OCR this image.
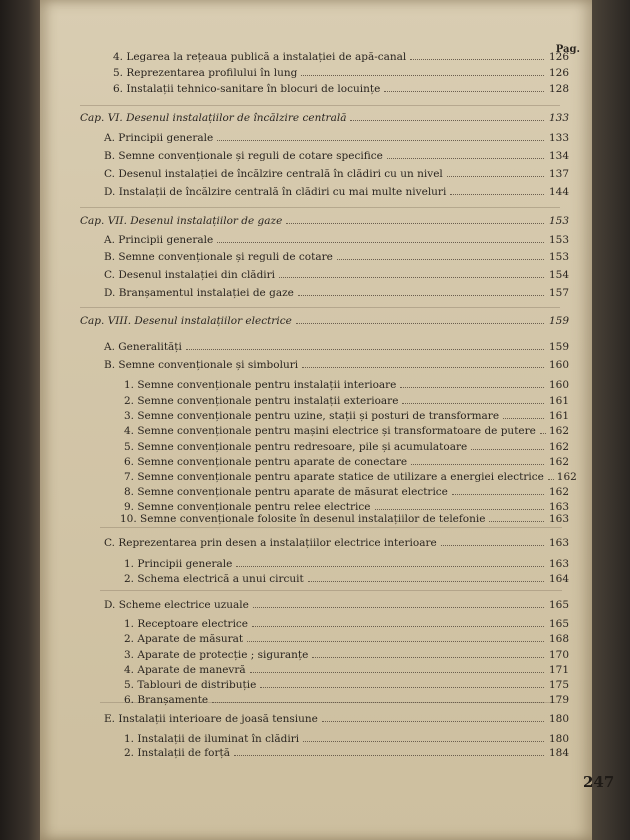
Pag.
4. Legarea la rețeaua publică a instalației de apă-canal	126
5. Reprezentarea profilului în lung	126
6. Instalații tehnico-sanitare în blocuri de locuințe	128
Cap. VI. Desenul instalațiilor de încălzire centrală	133
A. Principii generale	133
B. Semne convenționale și reguli de cotare specifice	134
C. Desenul instalației de încălzire centrală în clădiri cu un nivel	137
D. Instalații de încălzire centrală în clădiri cu mai multe niveluri	144
Cap. VII. Desenul instalațiilor de gaze	153
A. Principii generale	153
B. Semne convenționale și reguli de cotare	153
C. Desenul instalației din clădiri	154
D. Branșamentul instalației de gaze	157
Cap. VIII. Desenul instalațiilor electrice	159
A. Generalități	159
B. Semne convenționale și simboluri	160
1. Semne convenționale pentru instalații interioare	160
2. Semne convenționale pentru instalații exterioare	161
3. Semne convenționale pentru uzine, stații și posturi de transformare	161
4. Semne convenționale pentru mașini electrice și transformatoare de putere 162
5. Semne convenționale pentru redresoare, pile și acumulatoare	162
6. Semne convenționale pentru aparate de conectare	162
7. Semne convenționale pentru aparate statice de utilizare a energiei electrice 162
8. Semne convenționale pentru aparate de măsurat electrice	162
9. Semne convenționale pentru relee electrice	163
10. Semne convenționale folosite în desenul instalațiilor de telefonie	163
C. Reprezentarea prin desen a instalațiilor electrice interioare	163
1. Principii generale	163
2. Schema electrică a unui circuit	164
D. Scheme electrice uzuale	165
1. Receptoare electrice	165
2. Aparate de măsurat	168
3. Aparate de protecție ; siguranțe	170
4. Aparate de manevră	171
5. Tablouri de distribuție	175
6. Branșamente	179
E. Instalații interioare de joasă tensiune	180
1. Instalații de iluminat în clădiri	180
2. Instalații de forță	184
247
